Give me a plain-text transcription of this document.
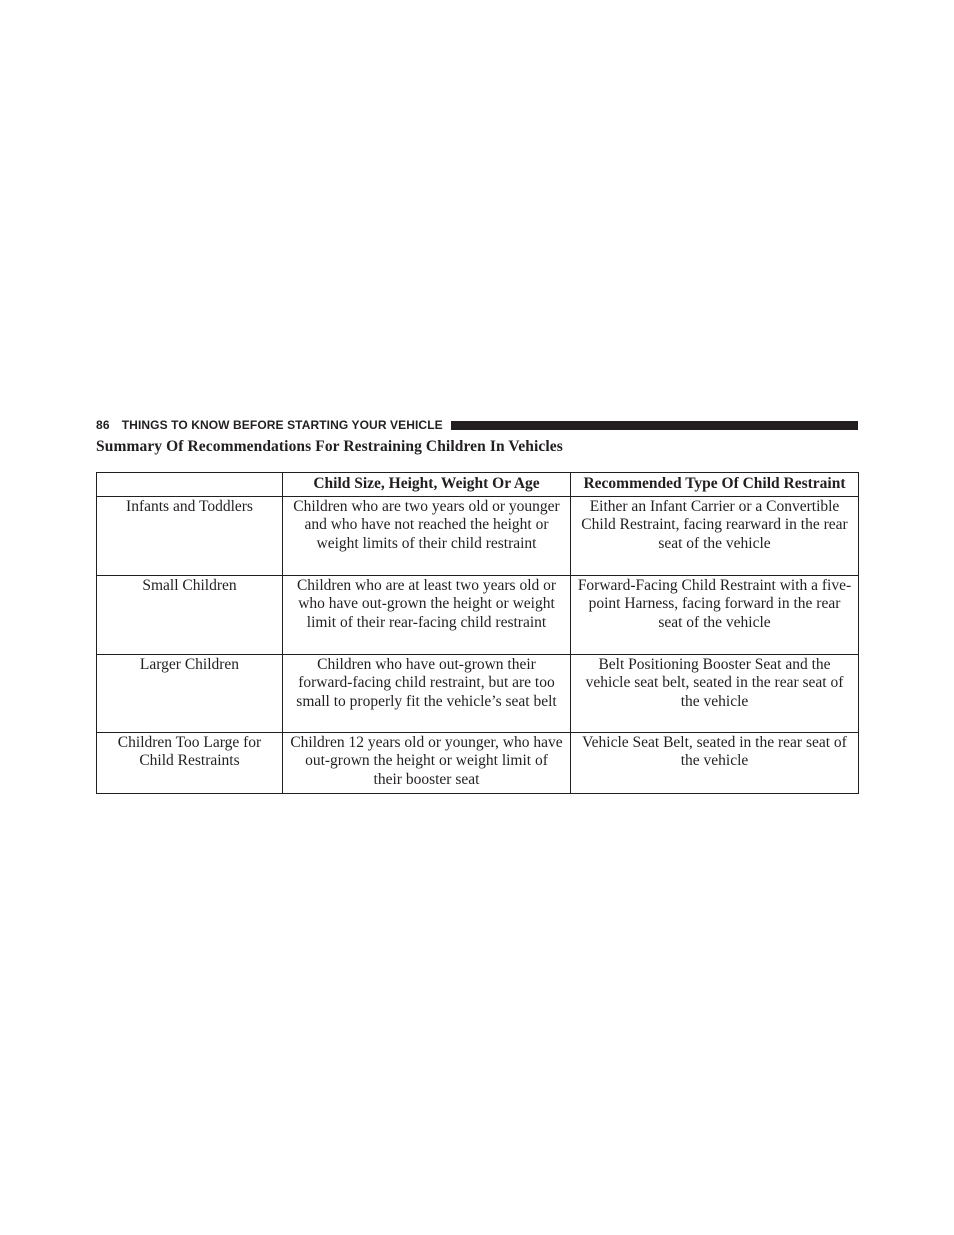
86 THINGS TO KNOW BEFORE STARTING YOUR VEHICLE
Summary Of Recommendations For Restraining Children In Vehicles
	Child Size, Height, Weight Or Age	Recommended Type Of Child Restraint
Infants and Toddlers	Children who are two years old or younger and who have not reached the height or weight limits of their child restraint	Either an Infant Carrier or a Convertible Child Restraint, facing rearward in the rear seat of the vehicle
Small Children	Children who are at least two years old or who have out-grown the height or weight limit of their rear-facing child restraint	Forward-Facing Child Restraint with a five-point Harness, facing forward in the rear seat of the vehicle
Larger Children	Children who have out-grown their forward-facing child restraint, but are too small to properly fit the vehicle’s seat belt	Belt Positioning Booster Seat and the vehicle seat belt, seated in the rear seat of the vehicle
Children Too Large for Child Restraints	Children 12 years old or younger, who have out-grown the height or weight limit of their booster seat	Vehicle Seat Belt, seated in the rear seat of the vehicle
